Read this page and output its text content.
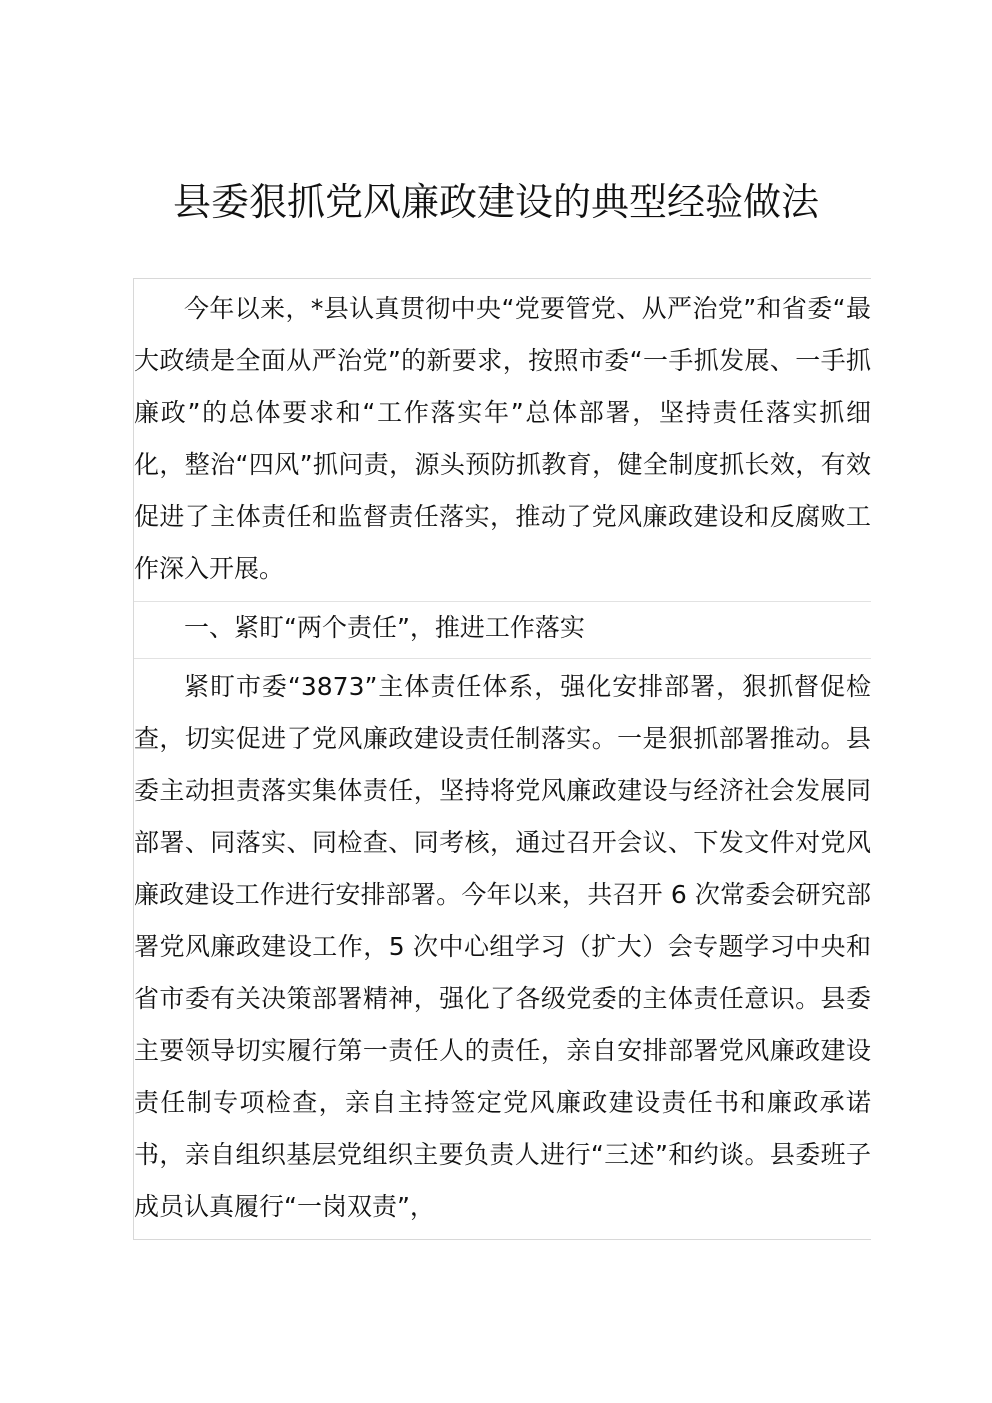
县委狠抓党风廉政建设的典型经验做法

今年以来，*县认真贯彻中央“党要管党、从严治党”和省委“最大政绩是全面从严治党”的新要求，按照市委“一手抓发展、一手抓廉政”的总体要求和“工作落实年”总体部署，坚持责任落实抓细化，整治“四风”抓问责，源头预防抓教育，健全制度抓长效，有效促进了主体责任和监督责任落实，推动了党风廉政建设和反腐败工作深入开展。

一、紧盯“两个责任”，推进工作落实

紧盯市委“3873”主体责任体系，强化安排部署，狠抓督促检查，切实促进了党风廉政建设责任制落实。一是狠抓部署推动。县委主动担责落实集体责任，坚持将党风廉政建设与经济社会发展同部署、同落实、同检查、同考核，通过召开会议、下发文件对党风廉政建设工作进行安排部署。今年以来，共召开 6 次常委会研究部署党风廉政建设工作，5 次中心组学习（扩大）会专题学习中央和省市委有关决策部署精神，强化了各级党委的主体责任意识。县委主要领导切实履行第一责任人的责任，亲自安排部署党风廉政建设责任制专项检查，亲自主持签定党风廉政建设责任书和廉政承诺书，亲自组织基层党组织主要负责人进行“三述”和约谈。县委班子成员认真履行“一岗双责”，
